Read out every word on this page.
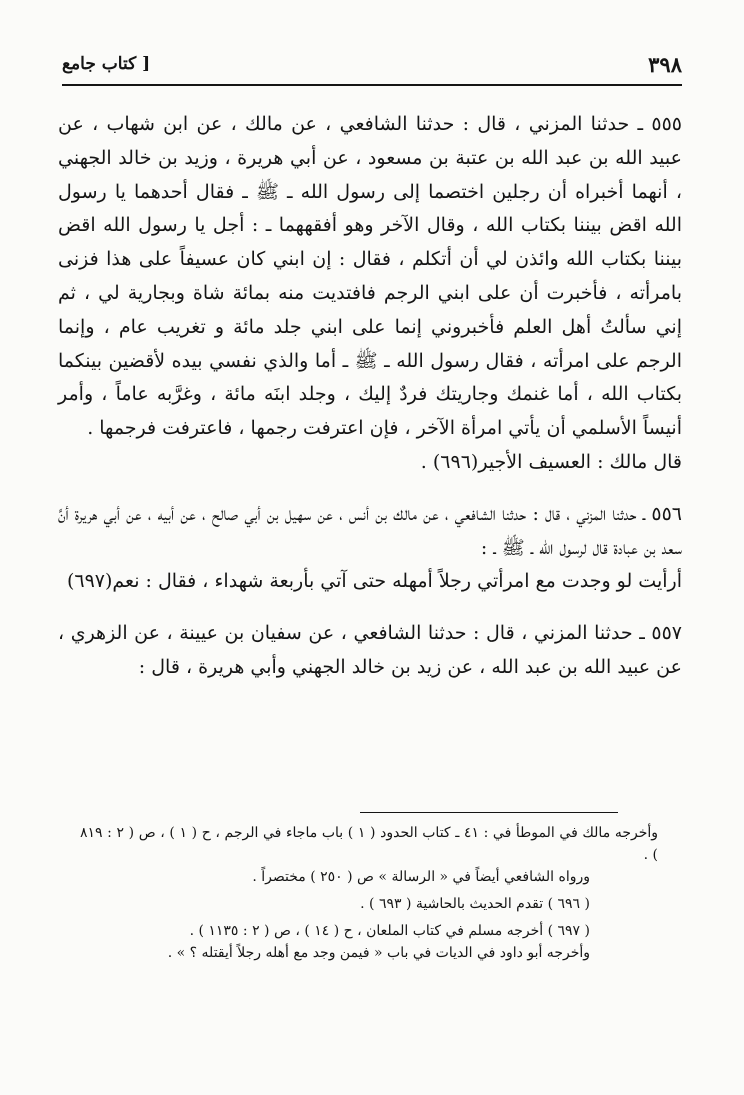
٣٩٨
[ كتاب جامع

٥٥٥ ـ حدثنا المزني ، قال : حدثنا الشافعي ، عن مالك ، عن ابن شهاب ، عن عبيد الله بن عبد الله بن عتبة بن مسعود ، عن أبي هريرة ، وزيد بن خالد الجهني ، أنهما أخبراه أن رجلين اختصما إلى رسول الله ـ ﷺ ـ فقال أحدهما يا رسول الله اقض بيننا بكتاب الله ، وقال الآخر وهو أفقههما ـ : أجل يا رسول الله اقض بيننا بكتاب الله وائذن لي أن أتكلم ، فقال : إن ابني كان عسيفاً على هذا فزنى بامرأته ، فأخبرت أن على ابني الرجم فافتديت منه بمائة شاة وبجارية لي ، ثم إني سألتُ أهل العلم فأخبروني إنما على ابني جلد مائة و تغريب عام ، وإنما الرجم على امرأته ، فقال رسول الله ـ ﷺ ـ أما والذي نفسي بيده لأقضين بينكما بكتاب الله ، أما غنمك وجاريتك فردٌ إليك ، وجلد ابنَه مائة ، وغرَّبه عاماً ، وأمر أنيساً الأسلمي أن يأتي امرأة الآخر ، فإن اعترفت رجمها ، فاعترفت فرجمها .

قال مالك : العسيف الأجير(٦٩٦) .

٥٥٦ ـ حدثنا المزني ، قال : حدثنا الشافعي ، عن مالك بن أنس ، عن سهيل بن أبي صالح ، عن أبيه ، عن أبي هريرة أنَّ سعد بن عبادة قال لرسول الله ـ ﷺ ـ :

أرأيت لو وجدت مع امرأتي رجلاً أمهله حتى آتي بأربعة شهداء ، فقال : نعم(٦٩٧)

٥٥٧ ـ حدثنا المزني ، قال : حدثنا الشافعي ، عن سفيان بن عيينة ، عن الزهري ، عن عبيد الله بن عبد الله ، عن زيد بن خالد الجهني وأبي هريرة ، قال :

وأخرجه مالك في الموطأ في : ٤١ ـ كتاب الحدود ( ١ ) باب ماجاء في الرجم ، ح ( ١ ) ، ص ( ٢ : ٨١٩ ) .

ورواه الشافعي أيضاً في « الرسالة » ص ( ٢٥٠ ) مختصراً .

( ٦٩٦ ) تقدم الحديث بالحاشية ( ٦٩٣ ) .

( ٦٩٧ ) أخرجه مسلم في كتاب الملعان ، ح ( ١٤ ) ، ص ( ٢ : ١١٣٥ ) .

وأخرجه أبو داود في الديات في باب « فيمن وجد مع أهله رجلاً أيقتله ؟ » .
